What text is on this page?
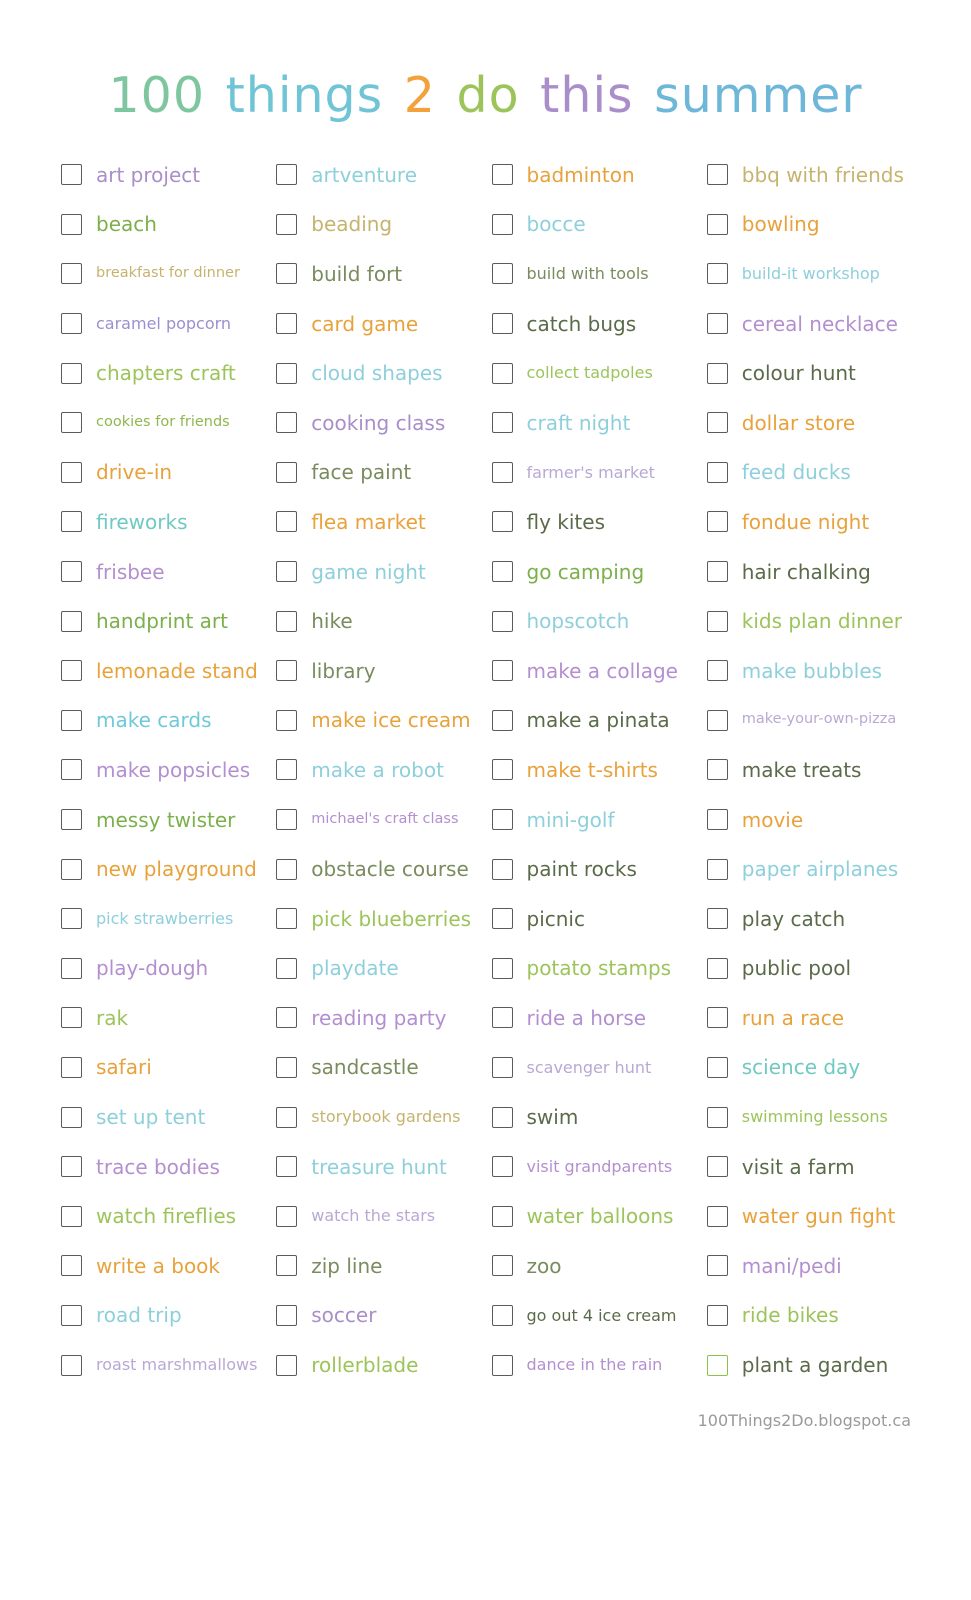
100 things 2 do this summer
art project	artventure	badminton	bbq with friends
beach	beading	bocce	bowling
breakfast for dinner	build fort	build with tools	build-it workshop
caramel popcorn	card game	catch bugs	cereal necklace
chapters craft	cloud shapes	collect tadpoles	colour hunt
cookies for friends	cooking class	craft night	dollar store
drive-in	face paint	farmer's market	feed ducks
fireworks	flea market	fly kites	fondue night
frisbee	game night	go camping	hair chalking
handprint art	hike	hopscotch	kids plan dinner
lemonade stand	library	make a collage	make bubbles
make cards	make ice cream	make a pinata	make-your-own-pizza
make popsicles	make a robot	make t-shirts	make treats
messy twister	michael's craft class	mini-golf	movie
new playground	obstacle course	paint rocks	paper airplanes
pick strawberries	pick blueberries	picnic	play catch
play-dough	playdate	potato stamps	public pool
rak	reading party	ride a horse	run a race
safari	sandcastle	scavenger hunt	science day
set up tent	storybook gardens	swim	swimming lessons
trace bodies	treasure hunt	visit grandparents	visit a farm
watch fireflies	watch the stars	water balloons	water gun fight
write a book	zip line	zoo	mani/pedi
road trip	soccer	go out 4 ice cream	ride bikes
roast marshmallows	rollerblade	dance in the rain	plant a garden
100Things2Do.blogspot.ca
